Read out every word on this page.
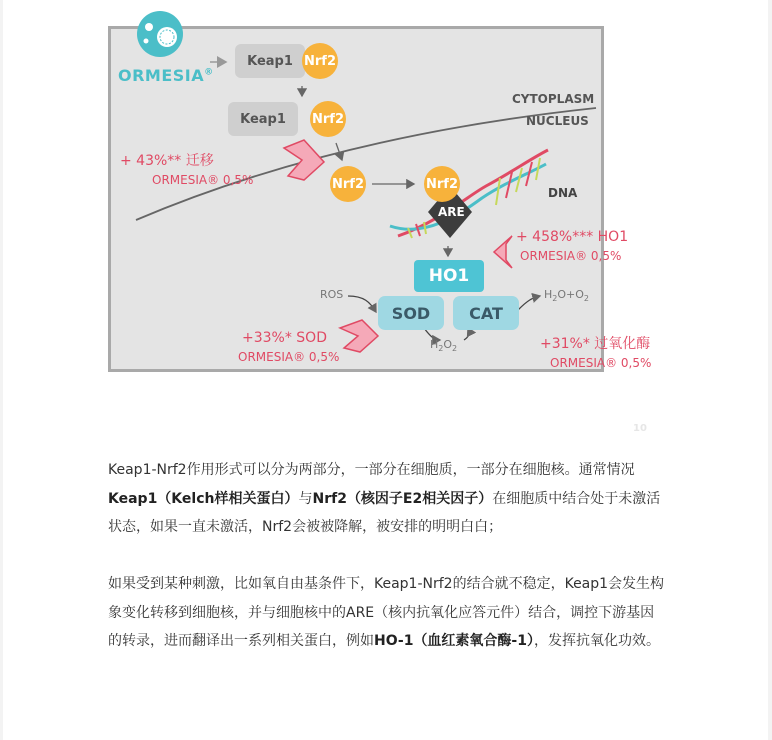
ORMESIA®
CYTOPLASM
NUCLEUS
DNA
Keap1 Nrf2
Keap1 Nrf2
Nrf2	Nrf2
ARE
HO1
SOD CAT
ROS
$H_2O_2$
$H_2O+O_2$
+ 43%** 迁移
ORMESIA® 0,5%
+ 458%*** HO1
ORMESIA® 0,5%
+33%* SOD
ORMESIA® 0,5%
+31%* 过氧化酶
ORMESIA® 0,5%
10

Keap1-Nrf2作用形式可以分为两部分，一部分在细胞质，一部分在细胞核。通常情况Keap1（Kelch样相关蛋白）与Nrf2（核因子E2相关因子）在细胞质中结合处于未激活状态，如果一直未激活，Nrf2会被被降解，被安排的明明白白；

如果受到某种刺激，比如氧自由基条件下，Keap1-Nrf2的结合就不稳定，Keap1会发生构象变化转移到细胞核，并与细胞核中的ARE（核内抗氧化应答元件）结合，调控下游基因的转录，进而翻译出一系列相关蛋白，例如HO-1（血红素氧合酶-1），发挥抗氧化功效。
